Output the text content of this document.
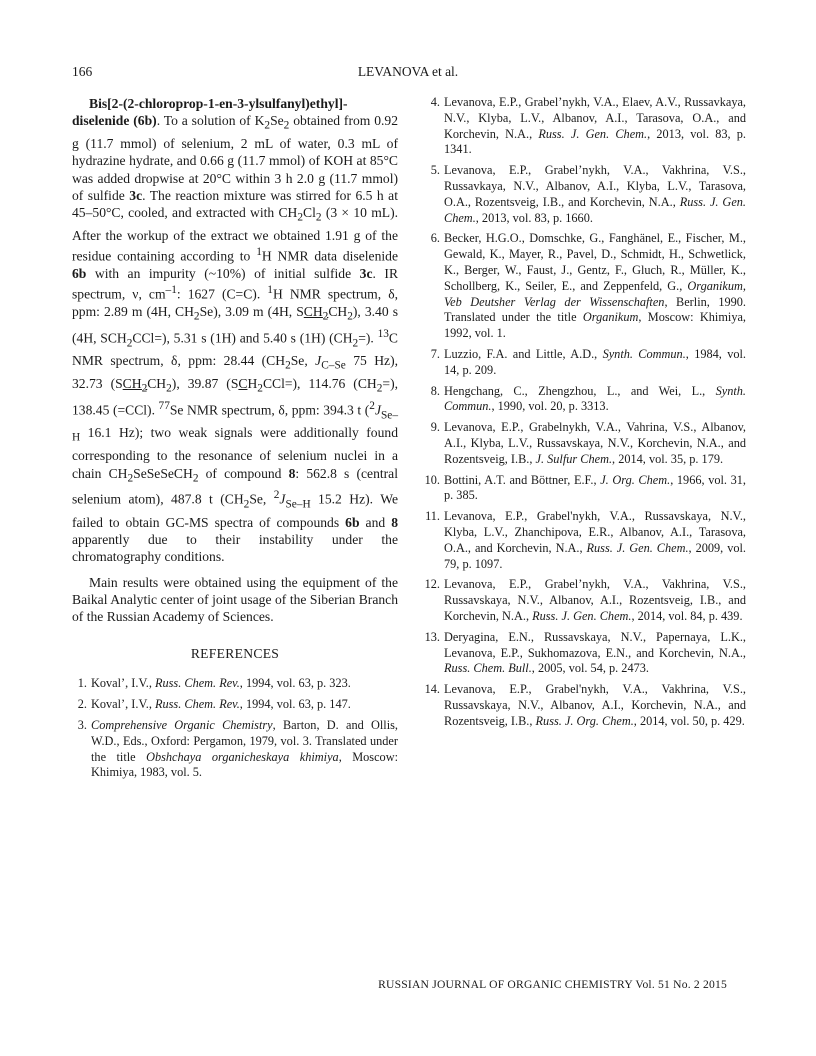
166	LEVANOVA et al.

Bis[2-(2-chloroprop-1-en-3-ylsulfanyl)ethyl]-diselenide (6b). To a solution of $K_2Se_2$ obtained from 0.92 g (11.7 mmol) of selenium, 2 mL of water, 0.3 mL of hydrazine hydrate, and 0.66 g (11.7 mmol) of KOH at 85°C was added dropwise at 20°C within 3 h 2.0 g (11.7 mmol) of sulfide 3c. The reaction mixture was stirred for 6.5 h at 45–50°C, cooled, and extracted with $CH_2Cl_2$ (3 × 10 mL). After the workup of the extract we obtained 1.91 g of the residue containing according to $^1$H NMR data diselenide 6b with an impurity (~10%) of initial sulfide 3c. IR spectrum, ν, $cm^{-1}$: 1627 (C=C). $^1$H NMR spectrum, δ, ppm: 2.89 m (4H, $CH_2Se$), 3.09 m (4H, $SCH_2CH_2$), 3.40 s (4H, $SCH_2CCl=$), 5.31 s (1H) and 5.40 s (1H) $(CH_2=)$. $^{13}$C NMR spectrum, δ, ppm: 28.44 ($CH_2Se$, $J_{C-Se}$ 75 Hz), 32.73 $(SCH_2CH_2)$, 39.87 $(SCH_2CCl=)$, 114.76 $(CH_2=)$, 138.45 (=CCl). $^{77}$Se NMR spectrum, δ, ppm: 394.3 t ($^2J_{Se-H}$ 16.1 Hz); two weak signals were additionally found corresponding to the resonance of selenium nuclei in a chain $CH_2SeSeSeCH_2$ of compound 8: 562.8 s (central selenium atom), 487.8 t ($CH_2Se$, $^2J_{Se-H}$ 15.2 Hz). We failed to obtain GC-MS spectra of compounds 6b and 8 apparently due to their instability under the chromatography conditions.

Main results were obtained using the equipment of the Baikal Analytic center of joint usage of the Siberian Branch of the Russian Academy of Sciences.

REFERENCES
1. Koval’, I.V., Russ. Chem. Rev., 1994, vol. 63, p. 323.
2. Koval’, I.V., Russ. Chem. Rev., 1994, vol. 63, p. 147.
3. Comprehensive Organic Chemistry, Barton, D. and Ollis, W.D., Eds., Oxford: Pergamon, 1979, vol. 3. Translated under the title Obshchaya organicheskaya khimiya, Moscow: Khimiya, 1983, vol. 5.
4. Levanova, E.P., Grabel’nykh, V.A., Elaev, A.V., Russavkaya, N.V., Klyba, L.V., Albanov, A.I., Tarasova, O.A., and Korchevin, N.A., Russ. J. Gen. Chem., 2013, vol. 83, p. 1341.
5. Levanova, E.P., Grabel’nykh, V.A., Vakhrina, V.S., Russavkaya, N.V., Albanov, A.I., Klyba, L.V., Tarasova, O.A., Rozentsveig, I.B., and Korchevin, N.A., Russ. J. Gen. Chem., 2013, vol. 83, p. 1660.
6. Becker, H.G.O., Domschke, G., Fanghänel, E., Fischer, M., Gewald, K., Mayer, R., Pavel, D., Schmidt, H., Schwetlick, K., Berger, W., Faust, J., Gentz, F., Gluch, R., Müller, K., Schollberg, K., Seiler, E., and Zeppenfeld, G., Organikum, Veb Deutsher Verlag der Wissenschaften, Berlin, 1990. Translated under the title Organikum, Moscow: Khimiya, 1992, vol. 1.
7. Luzzio, F.A. and Little, A.D., Synth. Commun., 1984, vol. 14, p. 209.
8. Hengchang, C., Zhengzhou, L., and Wei, L., Synth. Commun., 1990, vol. 20, p. 3313.
9. Levanova, E.P., Grabelnykh, V.A., Vahrina, V.S., Albanov, A.I., Klyba, L.V., Russavskaya, N.V., Korchevin, N.A., and Rozentsveig, I.B., J. Sulfur Chem., 2014, vol. 35, p. 179.
10. Bottini, A.T. and Böttner, E.F., J. Org. Chem., 1966, vol. 31, p. 385.
11. Levanova, E.P., Grabel'nykh, V.A., Russavskaya, N.V., Klyba, L.V., Zhanchipova, E.R., Albanov, A.I., Tarasova, O.A., and Korchevin, N.A., Russ. J. Gen. Chem., 2009, vol. 79, p. 1097.
12. Levanova, E.P., Grabel’nykh, V.A., Vakhrina, V.S., Russavskaya, N.V., Albanov, A.I., Rozentsveig, I.B., and Korchevin, N.A., Russ. J. Gen. Chem., 2014, vol. 84, p. 439.
13. Deryagina, E.N., Russavskaya, N.V., Papernaya, L.K., Levanova, E.P., Sukhomazova, E.N., and Korchevin, N.A., Russ. Chem. Bull., 2005, vol. 54, p. 2473.
14. Levanova, E.P., Grabel'nykh, V.A., Vakhrina, V.S., Russavskaya, N.V., Albanov, A.I., Korchevin, N.A., and Rozentsveig, I.B., Russ. J. Org. Chem., 2014, vol. 50, p. 429.
RUSSIAN JOURNAL OF ORGANIC CHEMISTRY Vol. 51 No. 2 2015
